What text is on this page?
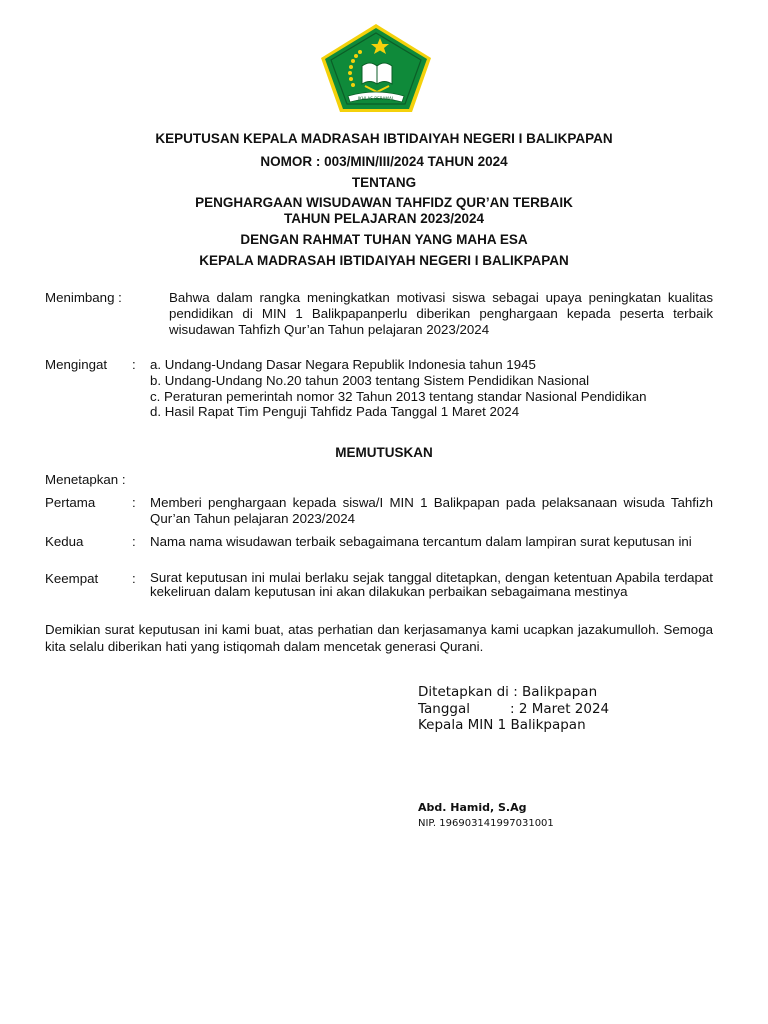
IKHLAS BERAMAL
KEPUTUSAN KEPALA MADRASAH IBTIDAIYAH NEGERI I BALIKPAPAN
NOMOR : 003/MIN/III/2024 TAHUN 2024
TENTANG
PENGHARGAAN WISUDAWAN TAHFIDZ QUR’AN TERBAIK
TAHUN PELAJARAN 2023/2024
DENGAN RAHMAT TUHAN YANG MAHA ESA
KEPALA MADRASAH IBTIDAIYAH NEGERI I BALIKPAPAN
Menimbang :	Bahwa dalam rangka meningkatkan motivasi siswa sebagai upaya peningkatan kualitas pendidikan di MIN 1 Balikpapanperlu diberikan penghargaan kepada peserta terbaik wisudawan Tahfizh Qur’an Tahun pelajaran 2023/2024
Mengingat : a. Undang-Undang Dasar Negara Republik Indonesia tahun 1945
b. Undang-Undang No.20 tahun 2003 tentang Sistem Pendidikan Nasional
c. Peraturan pemerintah nomor 32 Tahun 2013 tentang standar Nasional Pendidikan
d. Hasil Rapat Tim Penguji Tahfidz Pada Tanggal 1 Maret 2024
MEMUTUSKAN
Menetapkan :
Pertama	: Memberi penghargaan kepada siswa/I MIN 1 Balikpapan pada pelaksanaan wisuda Tahfizh Qur’an Tahun pelajaran 2023/2024
Kedua	: Nama nama wisudawan terbaik sebagaimana tercantum dalam lampiran surat keputusan ini
Keempat	: Surat keputusan ini mulai berlaku sejak tanggal ditetapkan, dengan ketentuan Apabila terdapat kekeliruan dalam keputusan ini akan dilakukan perbaikan sebagaimana mestinya
Demikian surat keputusan ini kami buat, atas perhatian dan kerjasamanya kami ucapkan jazakumulloh. Semoga kita selalu diberikan hati yang istiqomah dalam mencetak generasi Qurani.
Ditetapkan di : Balikpapan
Tanggal	: 2 Maret 2024
Kepala MIN 1 Balikpapan
Abd. Hamid, S.Ag
NIP. 196903141997031001
